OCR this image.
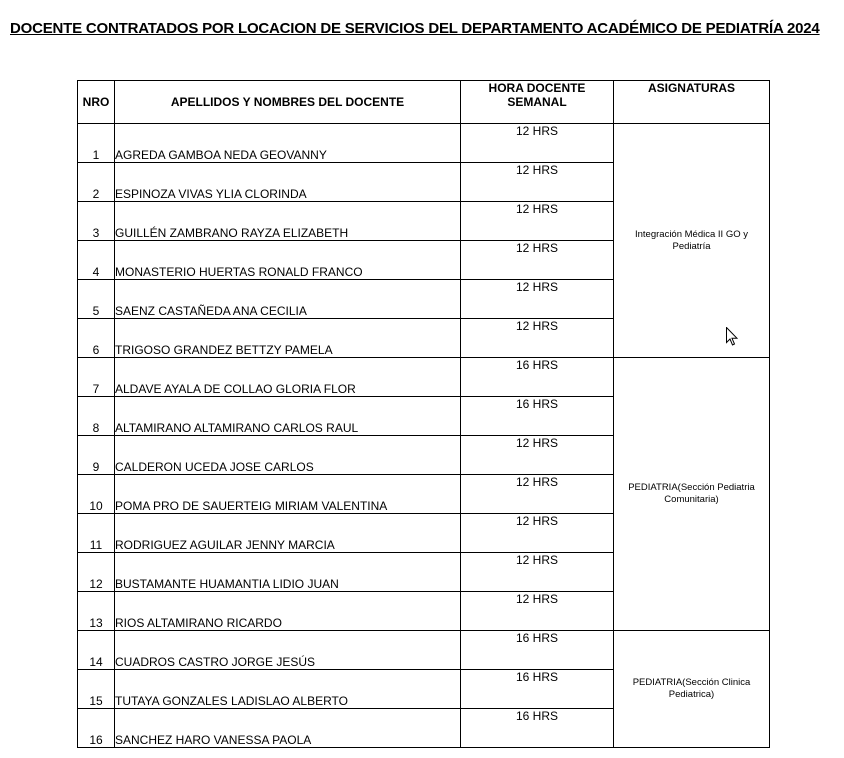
DOCENTE CONTRATADOS POR LOCACION DE SERVICIOS DEL DEPARTAMENTO ACADÉMICO DE PEDIATRÍA 2024
NRO	APELLIDOS Y NOMBRES DEL DOCENTE	HORA DOCENTE
SEMANAL	ASIGNATURAS
1	AGREDA GAMBOA NEDA GEOVANNY	12 HRS	Integración Médica II GO y
Pediatría
2	ESPINOZA VIVAS YLIA CLORINDA	12 HRS	
3	GUILLÉN ZAMBRANO RAYZA ELIZABETH	12 HRS	
4	MONASTERIO HUERTAS RONALD FRANCO	12 HRS	
5	SAENZ CASTAÑEDA ANA CECILIA	12 HRS	
6	TRIGOSO GRANDEZ BETTZY PAMELA	12 HRS	
7	ALDAVE AYALA DE COLLAO GLORIA FLOR	16 HRS	PEDIATRIA(Sección Pediatria
Comunitaria)
8	ALTAMIRANO ALTAMIRANO CARLOS RAUL	16 HRS	
9	CALDERON UCEDA JOSE CARLOS	12 HRS	
10	POMA PRO DE SAUERTEIG MIRIAM VALENTINA	12 HRS	
11	RODRIGUEZ AGUILAR JENNY MARCIA	12 HRS	
12	BUSTAMANTE HUAMANTIA LIDIO JUAN	12 HRS	
13	RIOS ALTAMIRANO RICARDO	12 HRS	
14	CUADROS CASTRO JORGE JESÚS	16 HRS	PEDIATRIA(Sección Clinica
Pediatrica)
15	TUTAYA GONZALES LADISLAO ALBERTO	16 HRS	
16	SANCHEZ HARO VANESSA PAOLA	16 HRS	
